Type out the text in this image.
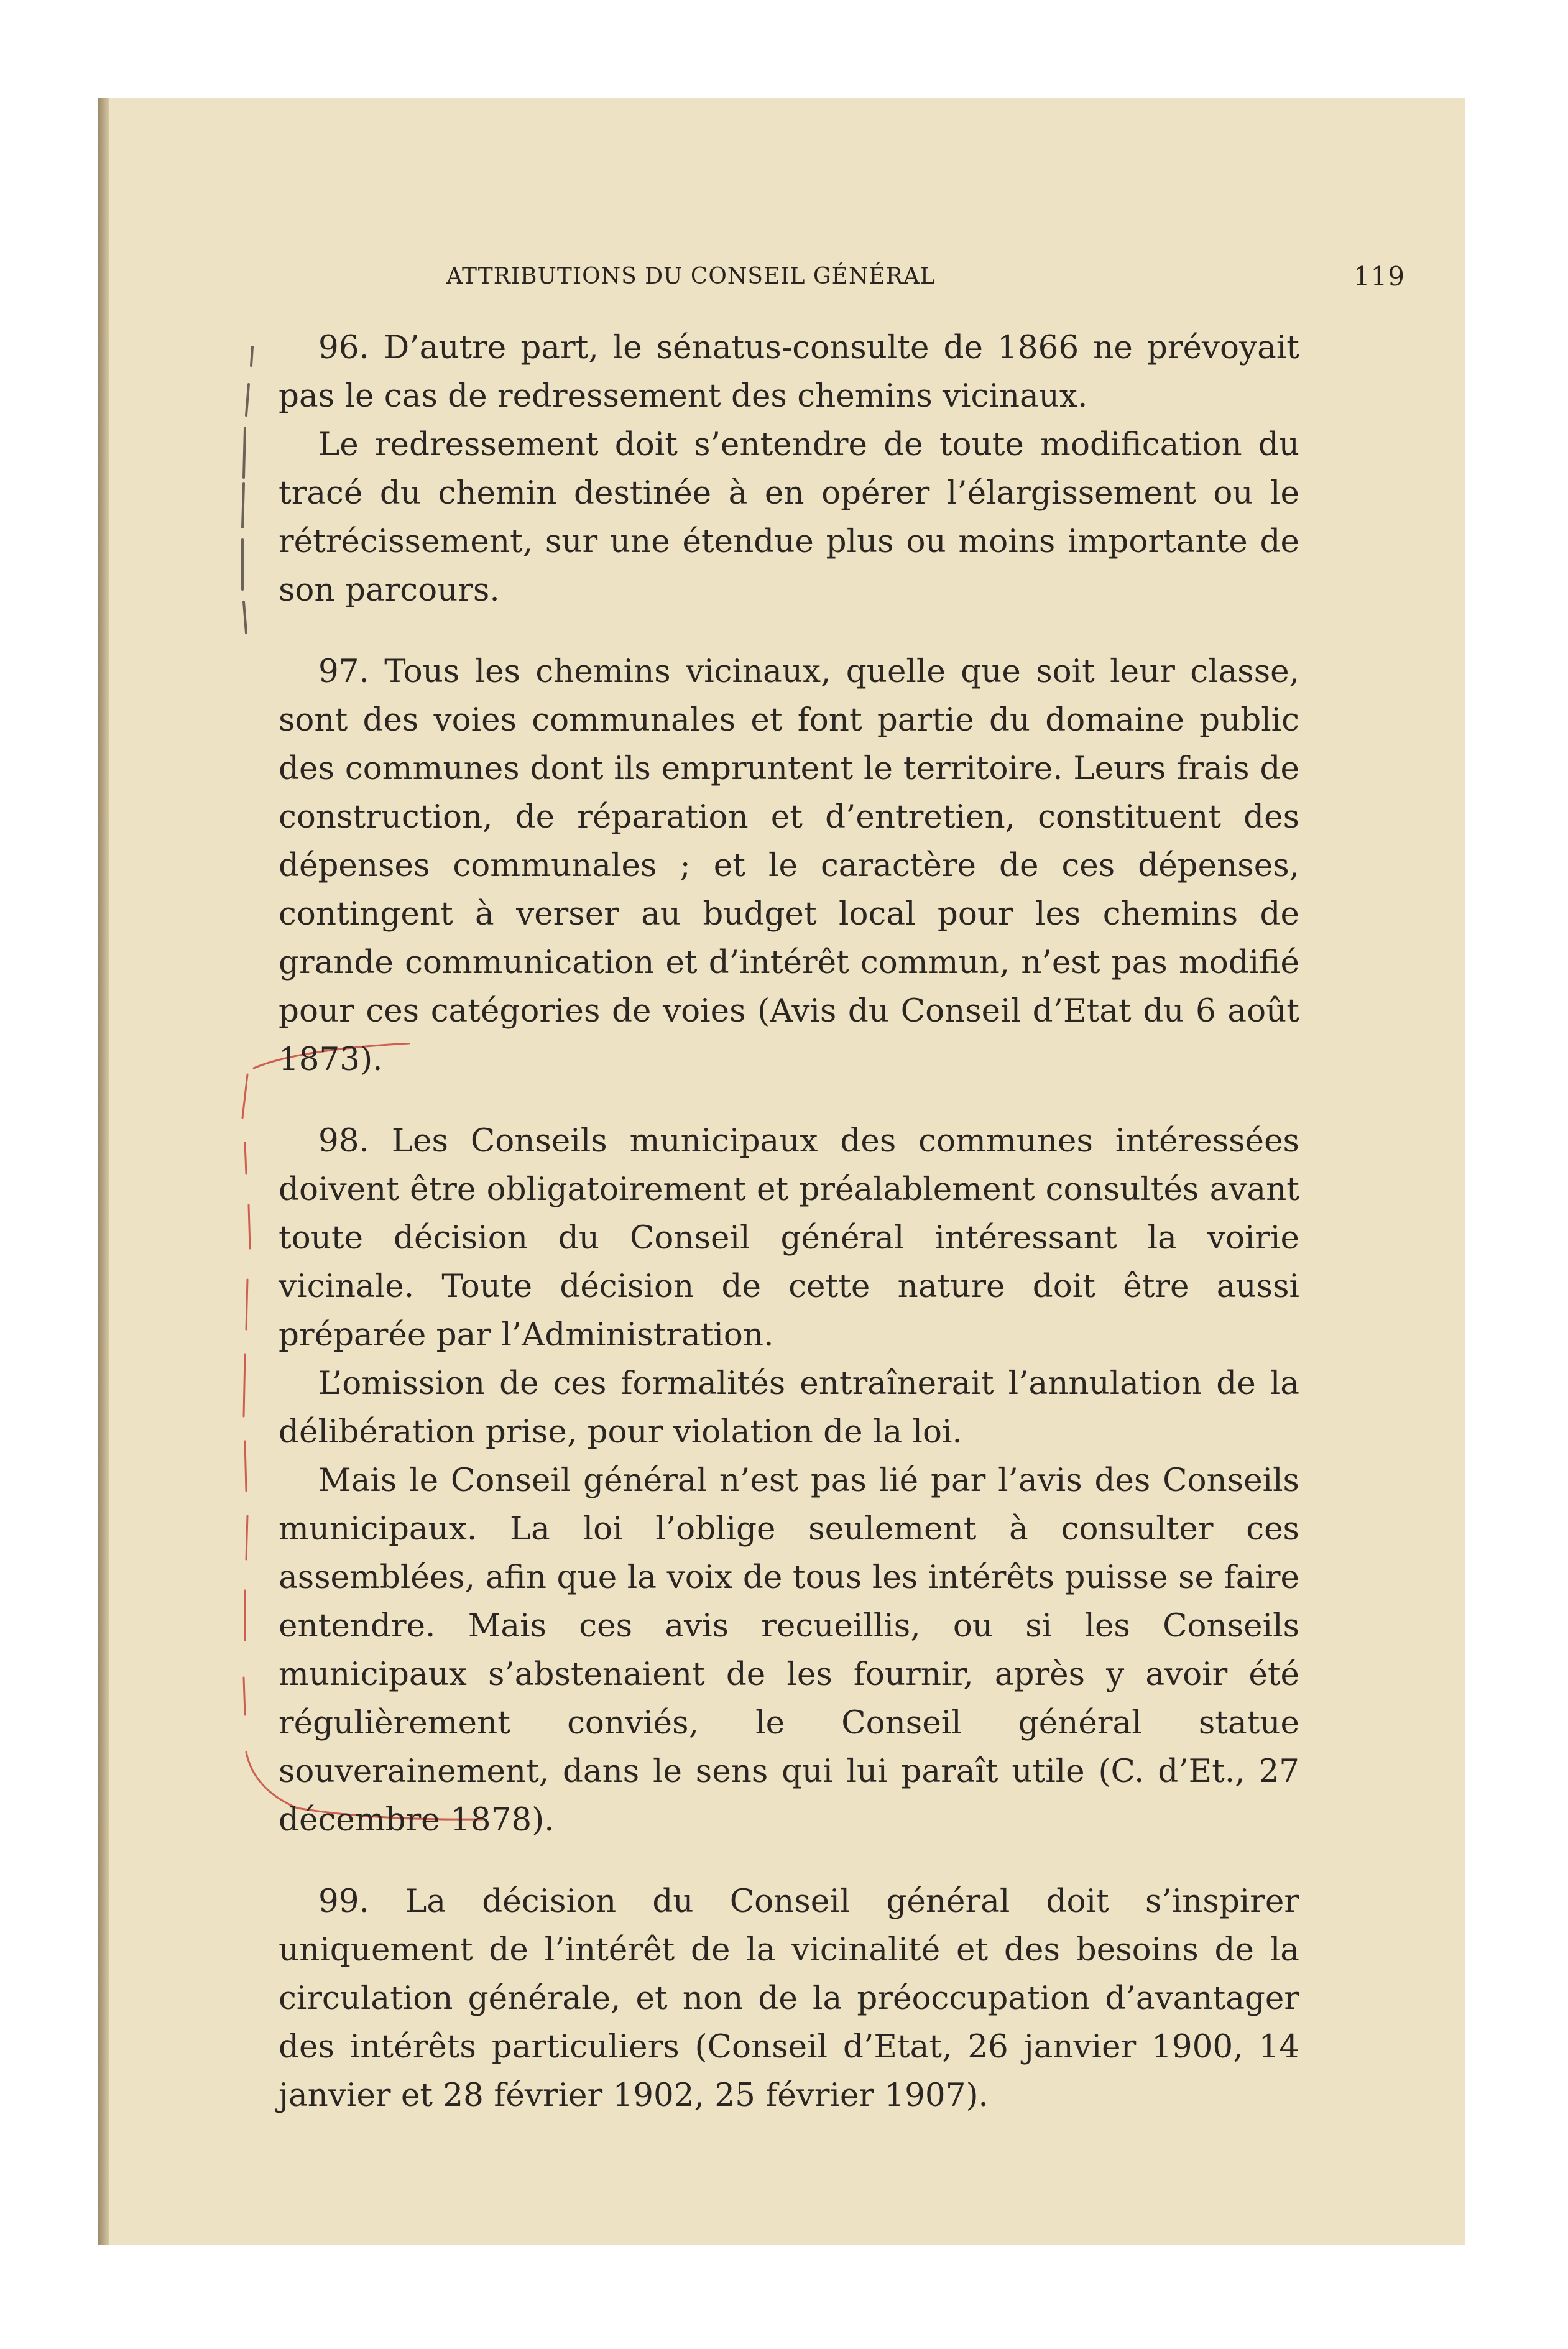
ATTRIBUTIONS DU CONSEIL GÉNÉRAL	119

96. D’autre part, le sénatus-consulte de 1866 ne prévoyait pas le cas de redressement des chemins vicinaux.

Le redressement doit s’entendre de toute modification du tracé du chemin destinée à en opérer l’élargissement ou le rétrécissement, sur une étendue plus ou moins importante de son parcours.

97. Tous les chemins vicinaux, quelle que soit leur classe, sont des voies communales et font partie du domaine public des communes dont ils empruntent le territoire. Leurs frais de construction, de réparation et d’entretien, constituent des dépenses communales ; et le caractère de ces dépenses, contingent à verser au budget local pour les chemins de grande communication et d’intérêt commun, n’est pas modifié pour ces catégories de voies (Avis du Conseil d’Etat du 6 août 1873).

98. Les Conseils municipaux des communes intéressées doivent être obligatoirement et préalablement consultés avant toute décision du Conseil général intéressant la voirie vicinale. Toute décision de cette nature doit être aussi préparée par l’Administration.

L’omission de ces formalités entraînerait l’annulation de la délibération prise, pour violation de la loi.

Mais le Conseil général n’est pas lié par l’avis des Conseils municipaux. La loi l’oblige seulement à consulter ces assemblées, afin que la voix de tous les intérêts puisse se faire entendre. Mais ces avis recueillis, ou si les Conseils municipaux s’abstenaient de les fournir, après y avoir été régulièrement conviés, le Conseil général statue souverainement, dans le sens qui lui paraît utile (C. d’Et., 27 décembre 1878).

99. La décision du Conseil général doit s’inspirer uniquement de l’intérêt de la vicinalité et des besoins de la circulation générale, et non de la préoccupation d’avantager des intérêts particuliers (Conseil d’Etat, 26 janvier 1900, 14 janvier et 28 février 1902, 25 février 1907).
